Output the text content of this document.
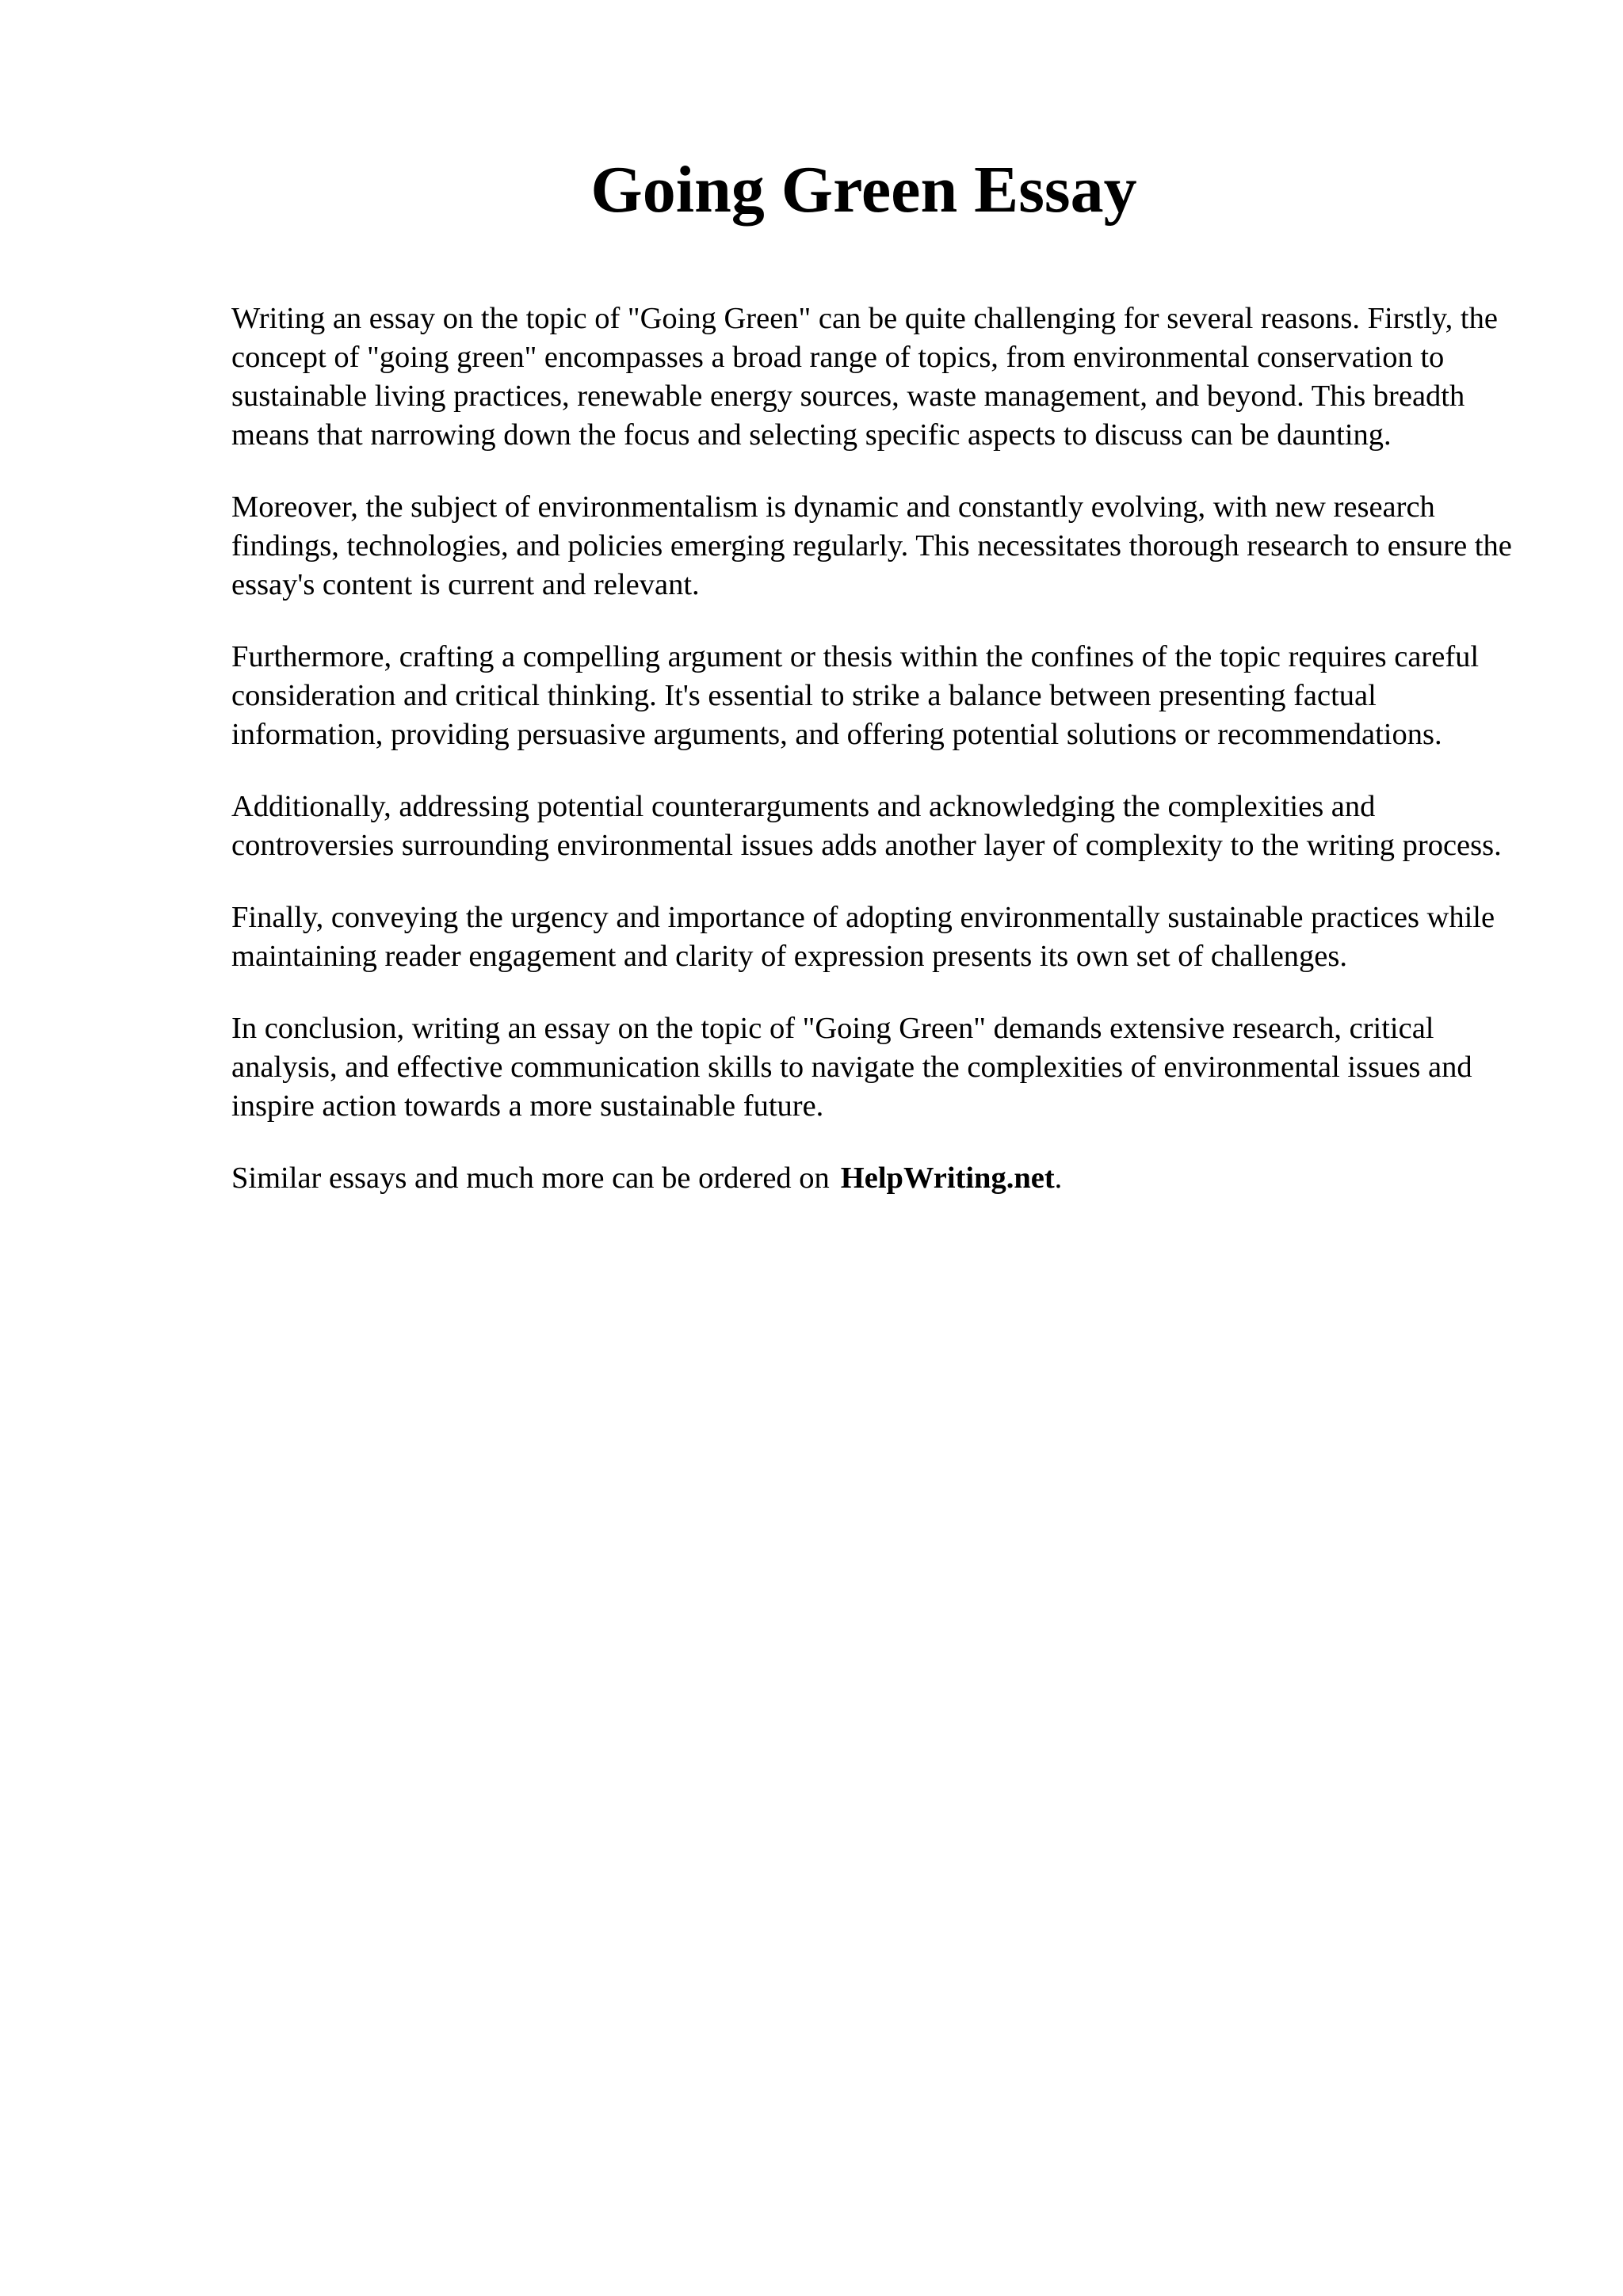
Going Green Essay

Writing an essay on the topic of "Going Green" can be quite challenging for several reasons. Firstly, the concept of "going green" encompasses a broad range of topics, from environmental conservation to sustainable living practices, renewable energy sources, waste management, and beyond. This breadth means that narrowing down the focus and selecting specific aspects to discuss can be daunting.

Moreover, the subject of environmentalism is dynamic and constantly evolving, with new research findings, technologies, and policies emerging regularly. This necessitates thorough research to ensure the essay's content is current and relevant.

Furthermore, crafting a compelling argument or thesis within the confines of the topic requires careful consideration and critical thinking. It's essential to strike a balance between presenting factual information, providing persuasive arguments, and offering potential solutions or recommendations.

Additionally, addressing potential counterarguments and acknowledging the complexities and controversies surrounding environmental issues adds another layer of complexity to the writing process.

Finally, conveying the urgency and importance of adopting environmentally sustainable practices while maintaining reader engagement and clarity of expression presents its own set of challenges.

In conclusion, writing an essay on the topic of "Going Green" demands extensive research, critical analysis, and effective communication skills to navigate the complexities of environmental issues and inspire action towards a more sustainable future.

Similar essays and much more can be ordered on HelpWriting.net.
